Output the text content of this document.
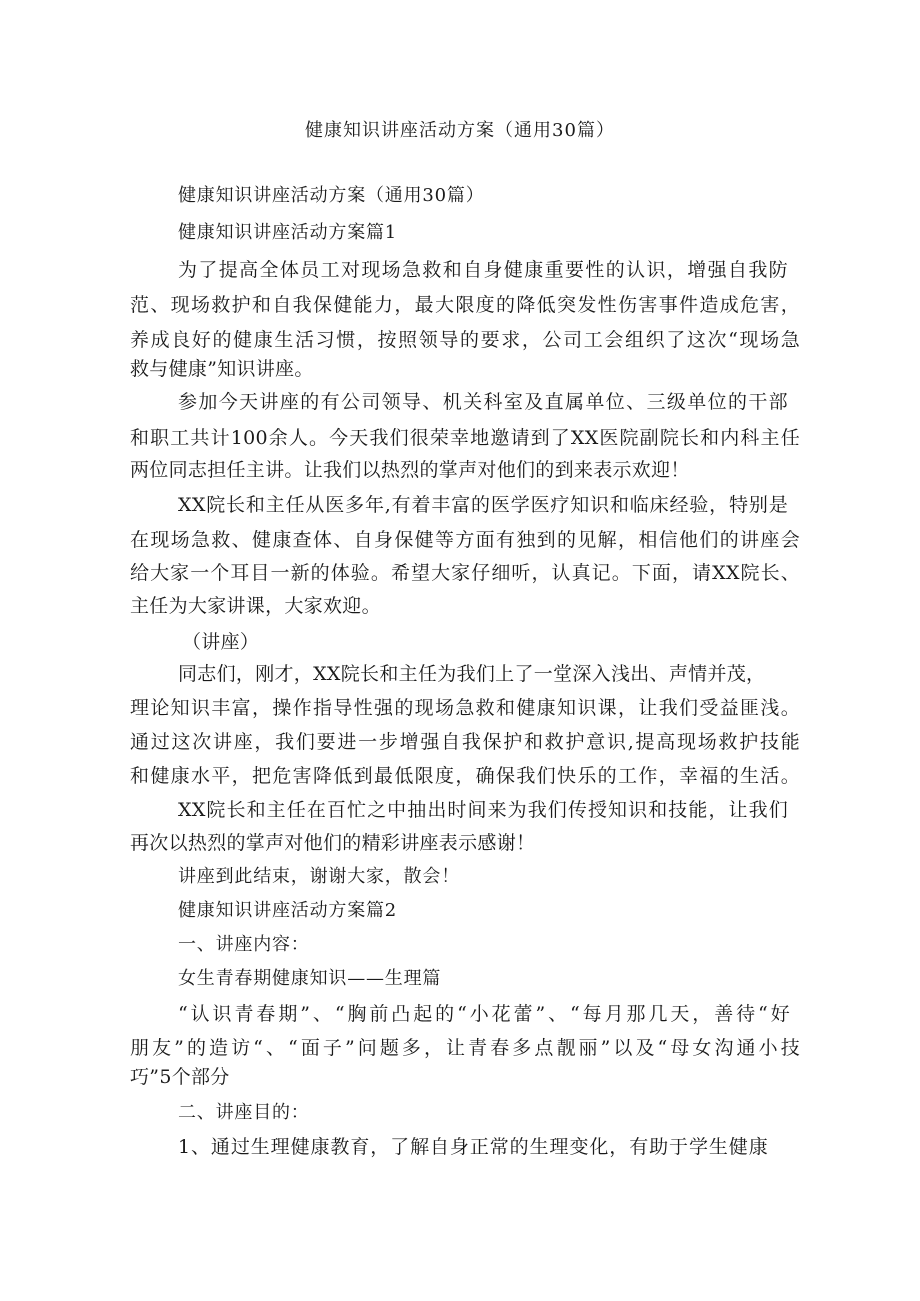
健康知识讲座活动方案（通用30篇）
健康知识讲座活动方案（通用30篇）
健康知识讲座活动方案篇1
为了提高全体员工对现场急救和自身健康重要性的认识，增强自我防
范、现场救护和自我保健能力，最大限度的降低突发性伤害事件造成危害，
养成良好的健康生活习惯，按照领导的要求，公司工会组织了这次“现场急
救与健康”知识讲座。
参加今天讲座的有公司领导、机关科室及直属单位、三级单位的干部
和职工共计100余人。今天我们很荣幸地邀请到了XX医院副院长和内科主任
两位同志担任主讲。让我们以热烈的掌声对他们的到来表示欢迎！
XX院长和主任从医多年,有着丰富的医学医疗知识和临床经验，特别是
在现场急救、健康查体、自身保健等方面有独到的见解，相信他们的讲座会
给大家一个耳目一新的体验。希望大家仔细听，认真记。下面，请XX院长、
主任为大家讲课，大家欢迎。
（讲座）
同志们，刚才，XX院长和主任为我们上了一堂深入浅出、声情并茂，
理论知识丰富，操作指导性强的现场急救和健康知识课，让我们受益匪浅。
通过这次讲座，我们要进一步增强自我保护和救护意识,提高现场救护技能
和健康水平，把危害降低到最低限度，确保我们快乐的工作，幸福的生活。
XX院长和主任在百忙之中抽出时间来为我们传授知识和技能，让我们
再次以热烈的掌声对他们的精彩讲座表示感谢！
讲座到此结束，谢谢大家，散会！
健康知识讲座活动方案篇2
一、讲座内容：
女生青春期健康知识——生理篇
“认识青春期”、“胸前凸起的“小花蕾”、“每月那几天，善待“好
朋友”的造访“、“面子”问题多，让青春多点靓丽”以及“母女沟通小技
巧”5个部分
二、讲座目的：
1、通过生理健康教育，了解自身正常的生理变化，有助于学生健康
